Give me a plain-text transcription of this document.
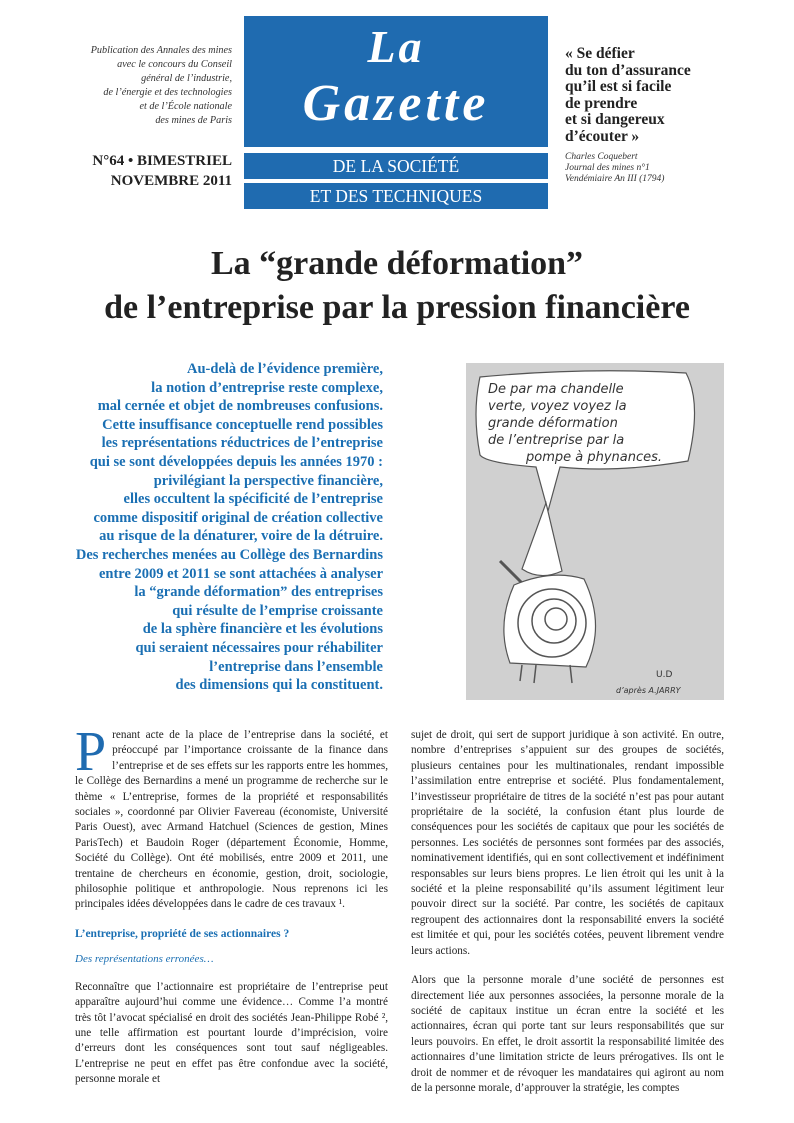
Publication des Annales des mines
avec le concours du Conseil
général de l’industrie,
de l’énergie et des technologies
et de l’École nationale
des mines de Paris
N°64 • BIMESTRIEL
NOVEMBRE 2011
La
Gazette
DE LA SOCIÉTÉ
ET DES TECHNIQUES
« Se défier
du ton d’assurance
qu’il est si facile
de prendre
et si dangereux
d’écouter »
Charles Coquebert
Journal des mines n°1
Vendémiaire An III (1794)
La “grande déformation”
de l’entreprise par la pression financière
Au-delà de l’évidence première,
la notion d’entreprise reste complexe,
mal cernée et objet de nombreuses confusions.
Cette insuffisance conceptuelle rend possibles
les représentations réductrices de l’entreprise
qui se sont développées depuis les années 1970 :
privilégiant la perspective financière,
elles occultent la spécificité de l’entreprise
comme dispositif original de création collective
au risque de la dénaturer, voire de la détruire.
Des recherches menées au Collège des Bernardins
entre 2009 et 2011 se sont attachées à analyser
la “grande déformation” des entreprises
qui résulte de l’emprise croissante
de la sphère financière et les évolutions
qui seraient nécessaires pour réhabiliter
l’entreprise dans l’ensemble
des dimensions qui la constituent.
De par ma chandelle
verte, voyez voyez la
grande déformation
de l’entreprise par la
pompe à phynances.
U.D
d’après A.JARRY

Prenant acte de la place de l’entreprise dans la société, et préoccupé par l’importance croissante de la finance dans l’entreprise et de ses effets sur les rapports entre les hommes, le Collège des Bernardins a mené un programme de recherche sur le thème « L’entreprise, formes de la propriété et responsabilités sociales », coordonné par Olivier Favereau (économiste, Université Paris Ouest), avec Armand Hatchuel (Sciences de gestion, Mines ParisTech) et Baudoin Roger (département Économie, Homme, Société du Collège). Ont été mobilisés, entre 2009 et 2011, une trentaine de chercheurs en économie, gestion, droit, sociologie, philosophie politique et anthropologie. Nous reprenons ici les principales idées développées dans le cadre de ces travaux ¹.

L’entreprise, propriété de ses actionnaires ?

Des représentations erronées…

Reconnaître que l’actionnaire est propriétaire de l’entreprise peut apparaître aujourd’hui comme une évidence… Comme l’a montré très tôt l’avocat spécialisé en droit des sociétés Jean-Philippe Robé ², une telle affirmation est pourtant lourde d’imprécision, voire d’erreurs dont les conséquences sont tout sauf négligeables. L’entreprise ne peut en effet pas être confondue avec la société, personne morale et

sujet de droit, qui sert de support juridique à son activité. En outre, nombre d’entreprises s’appuient sur des groupes de sociétés, plusieurs centaines pour les multinationales, rendant impossible l’assimilation entre entreprise et société. Plus fondamentalement, l’investisseur propriétaire de titres de la société n’est pas pour autant propriétaire de la société, la confusion étant plus lourde de conséquences pour les sociétés de capitaux que pour les sociétés de personnes. Les sociétés de personnes sont formées par des associés, nominativement identifiés, qui en sont collectivement et indéfiniment responsables sur leurs biens propres. Le lien étroit qui les unit à la société et la pleine responsabilité qu’ils assument légitiment leur pouvoir direct sur la société. Par contre, les sociétés de capitaux regroupent des actionnaires dont la responsabilité envers la société est limitée et qui, pour les sociétés cotées, peuvent librement vendre leurs actions.

Alors que la personne morale d’une société de personnes est directement liée aux personnes associées, la personne morale de la société de capitaux institue un écran entre la société et les actionnaires, écran qui porte tant sur leurs responsabilités que sur leurs pouvoirs. En effet, le droit assortit la responsabilité limitée des actionnaires d’une limitation stricte de leurs prérogatives. Ils ont le droit de nommer et de révoquer les mandataires qui agiront au nom de la personne morale, d’approuver la stratégie, les comptes
